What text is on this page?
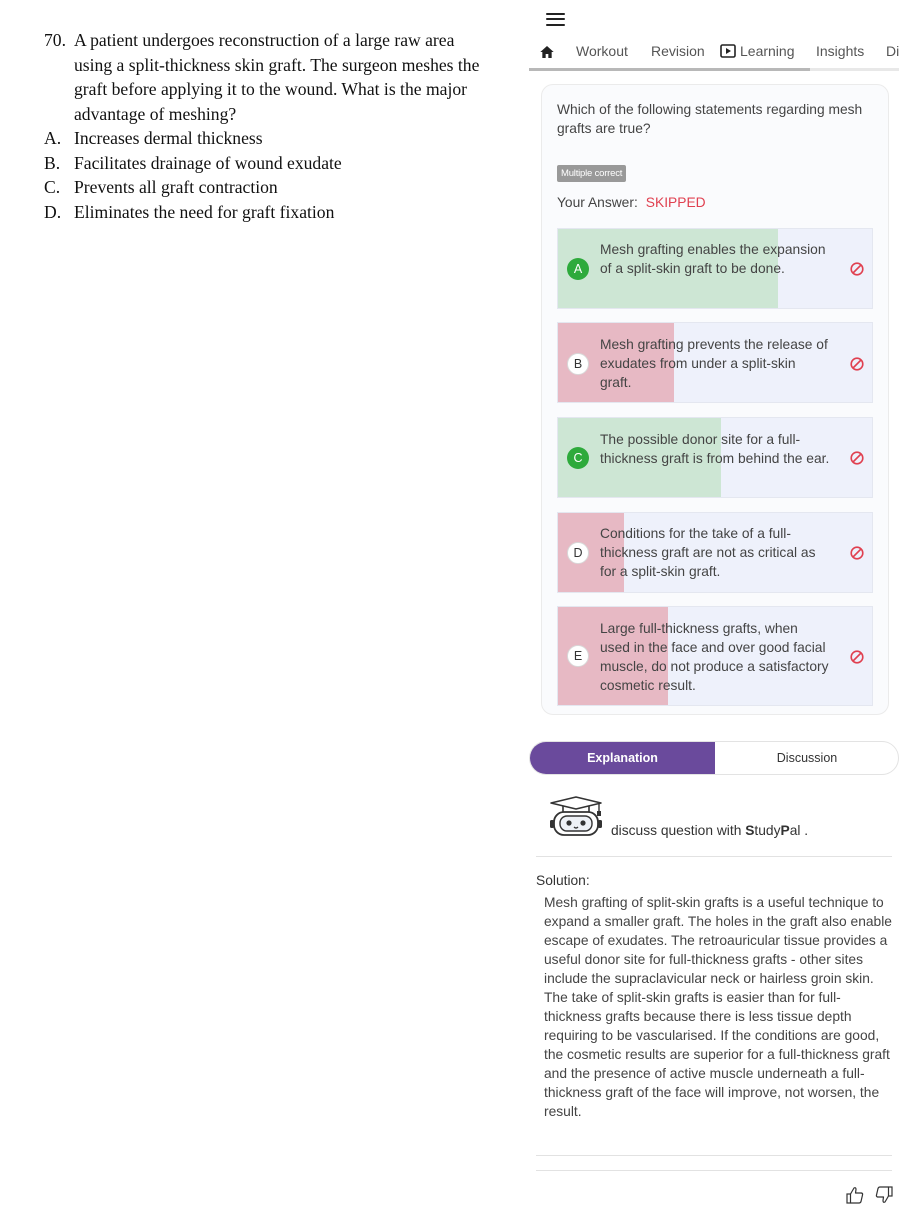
70. A patient undergoes reconstruction of a large raw area using a split-thickness skin graft. The surgeon meshes the graft before applying it to the wound. What is the major advantage of meshing?
A. Increases dermal thickness
B. Facilitates drainage of wound exudate
C. Prevents all graft contraction
D. Eliminates the need for graft fixation
Workout Revision	Learning Insights Di
Which of the following statements regarding mesh grafts are true?
Multiple correct
Your Answer: SKIPPED
A
Mesh grafting enables the expansion of a split-skin graft to be done.
B
Mesh grafting prevents the release of exudates from under a split-skin graft.
C
The possible donor site for a full-thickness graft is from behind the ear.
D
Conditions for the take of a full-thickness graft are not as critical as for a split-skin graft.
E
Large full-thickness grafts, when used in the face and over good facial muscle, do not produce a satisfactory cosmetic result.
Explanation	Discussion
discuss question with StudyPal .
Solution:
Mesh grafting of split-skin grafts is a useful technique to expand a smaller graft. The holes in the graft also enable escape of exudates. The retroauricular tissue provides a useful donor site for full-thickness grafts - other sites include the supraclavicular neck or hairless groin skin. The take of split-skin grafts is easier than for full-thickness grafts because there is less tissue depth requiring to be vascularised. If the conditions are good, the cosmetic results are superior for a full-thickness graft and the presence of active muscle underneath a full-thickness graft of the face will improve, not worsen, the result.
